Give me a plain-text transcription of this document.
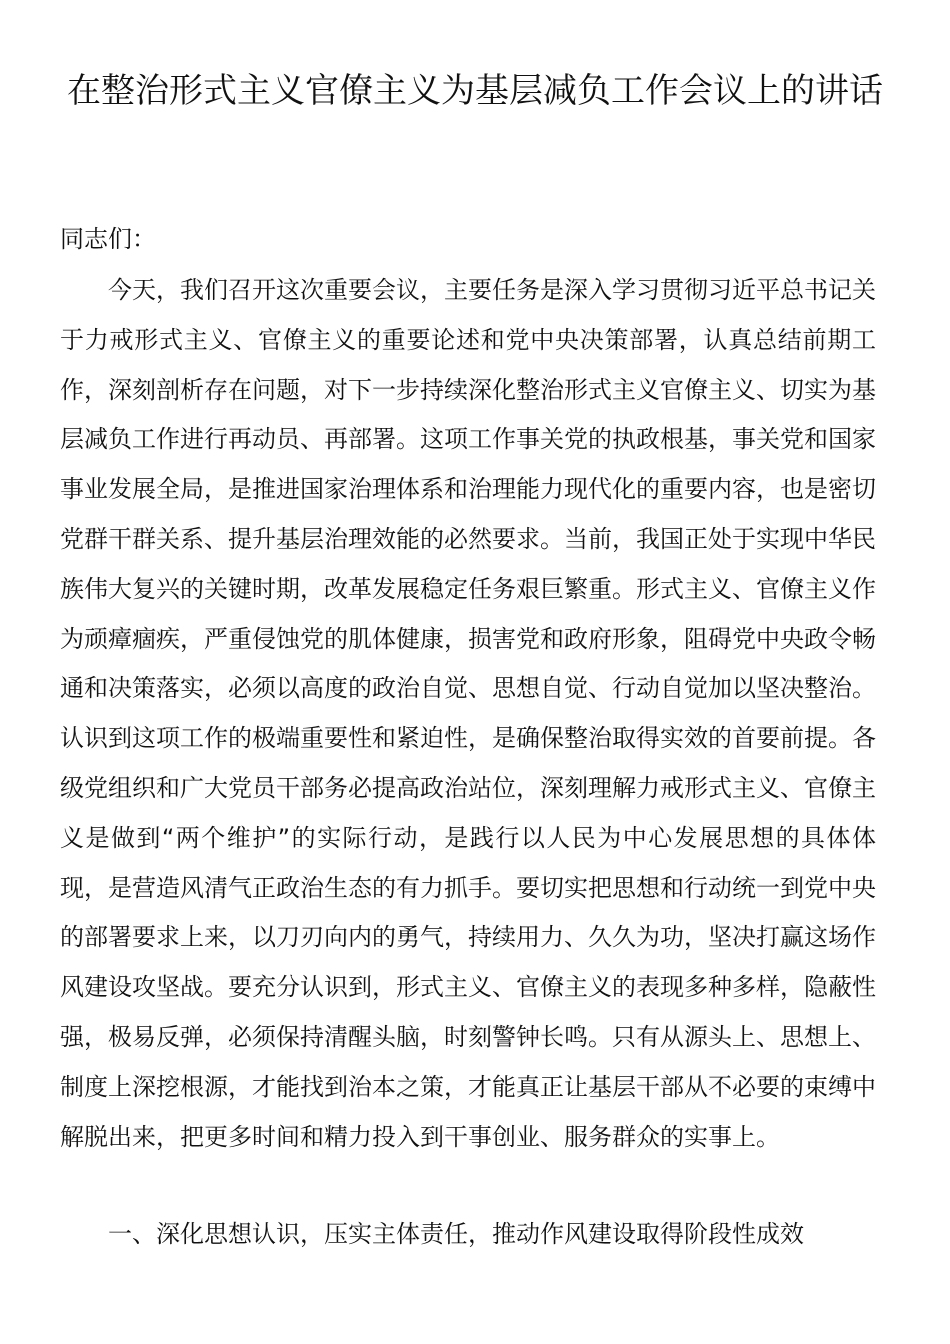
在整治形式主义官僚主义为基层减负工作会议上的讲话

同志们：

今天，我们召开这次重要会议，主要任务是深入学习贯彻习近平总书记关于力戒形式主义、官僚主义的重要论述和党中央决策部署，认真总结前期工作，深刻剖析存在问题，对下一步持续深化整治形式主义官僚主义、切实为基层减负工作进行再动员、再部署。这项工作事关党的执政根基，事关党和国家事业发展全局，是推进国家治理体系和治理能力现代化的重要内容，也是密切党群干群关系、提升基层治理效能的必然要求。当前，我国正处于实现中华民族伟大复兴的关键时期，改革发展稳定任务艰巨繁重。形式主义、官僚主义作为顽瘴痼疾，严重侵蚀党的肌体健康，损害党和政府形象，阻碍党中央政令畅通和决策落实，必须以高度的政治自觉、思想自觉、行动自觉加以坚决整治。认识到这项工作的极端重要性和紧迫性，是确保整治取得实效的首要前提。各级党组织和广大党员干部务必提高政治站位，深刻理解力戒形式主义、官僚主义是做到“两个维护”的实际行动，是践行以人民为中心发展思想的具体体现，是营造风清气正政治生态的有力抓手。要切实把思想和行动统一到党中央的部署要求上来，以刀刃向内的勇气，持续用力、久久为功，坚决打赢这场作风建设攻坚战。要充分认识到，形式主义、官僚主义的表现多种多样，隐蔽性强，极易反弹，必须保持清醒头脑，时刻警钟长鸣。只有从源头上、思想上、制度上深挖根源，才能找到治本之策，才能真正让基层干部从不必要的束缚中解脱出来，把更多时间和精力投入到干事创业、服务群众的实事上。

一、深化思想认识，压实主体责任，推动作风建设取得阶段性成效
